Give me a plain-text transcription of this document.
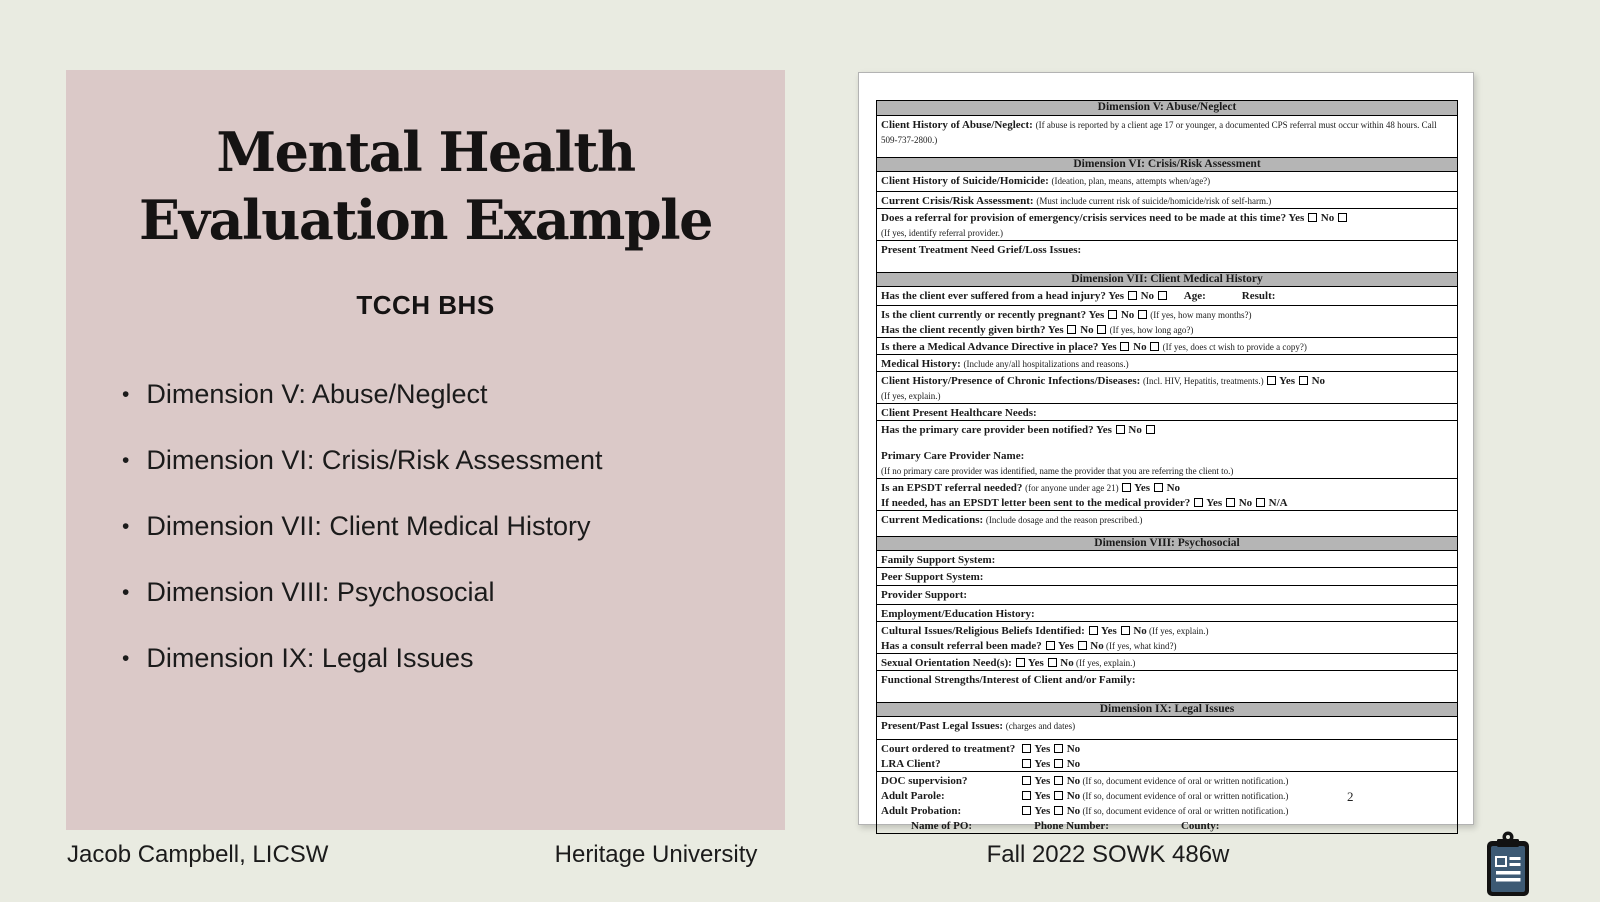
Mental Health
Evaluation Example
TCCH BHS
• Dimension V: Abuse/Neglect
• Dimension VI: Crisis/Risk Assessment
• Dimension VII: Client Medical History
• Dimension VIII: Psychosocial
• Dimension IX: Legal Issues
Dimension V: Abuse/Neglect
Client History of Abuse/Neglect: (If abuse is reported by a client age 17 or younger, a documented CPS referral must occur within 48 hours. Call 509-737-2800.)
Dimension VI: Crisis/Risk Assessment
Client History of Suicide/Homicide: (Ideation, plan, means, attempts when/age?)
Current Crisis/Risk Assessment: (Must include current risk of suicide/homicide/risk of self-harm.)
Does a referral for provision of emergency/crisis services need to be made at this time? Yes  No
(If yes, identify referral provider.)
Present Treatment Need Grief/Loss Issues:
Dimension VII: Client Medical History
Has the client ever suffered from a head injury? Yes  No Age:	Result:
Is the client currently or recently pregnant? Yes  No  (If yes, how many months?)
Has the client recently given birth? Yes  No  (If yes, how long ago?)
Is there a Medical Advance Directive in place? Yes  No  (If yes, does ct wish to provide a copy?)
Medical History: (Include any/all hospitalizations and reasons.)
Client History/Presence of Chronic Infections/Diseases: (Incl. HIV, Hepatitis, treatments.)  Yes  No
(If yes, explain.)
Client Present Healthcare Needs:
Has the primary care provider been notified? Yes  No
Primary Care Provider Name:
(If no primary care provider was identified, name the provider that you are referring the client to.)
Is an EPSDT referral needed? (for anyone under age 21)  Yes  No
If needed, has an EPSDT letter been sent to the medical provider?  Yes  No  N/A
Current Medications: (Include dosage and the reason prescribed.)
Dimension VIII: Psychosocial
Family Support System:
Peer Support System:
Provider Support:
Employment/Education History:
Cultural Issues/Religious Beliefs Identified:  Yes  No (If yes, explain.)
Has a consult referral been made?  Yes  No (If yes, what kind?)
Sexual Orientation Need(s):  Yes  No (If yes, explain.)
Functional Strengths/Interest of Client and/or Family:
Dimension IX: Legal Issues
Present/Past Legal Issues: (charges and dates)
Court ordered to treatment? Yes  No
LRA Client?	Yes  No
DOC supervision?	Yes  No (If so, document evidence of oral or written notification.)
Adult Parole:	Yes  No (If so, document evidence of oral or written notification.)
Adult Probation:	Yes  No (If so, document evidence of oral or written notification.)
Name of PO:	Phone Number:	County:
2
Jacob Campbell, LICSW	Heritage University	Fall 2022 SOWK 486w
